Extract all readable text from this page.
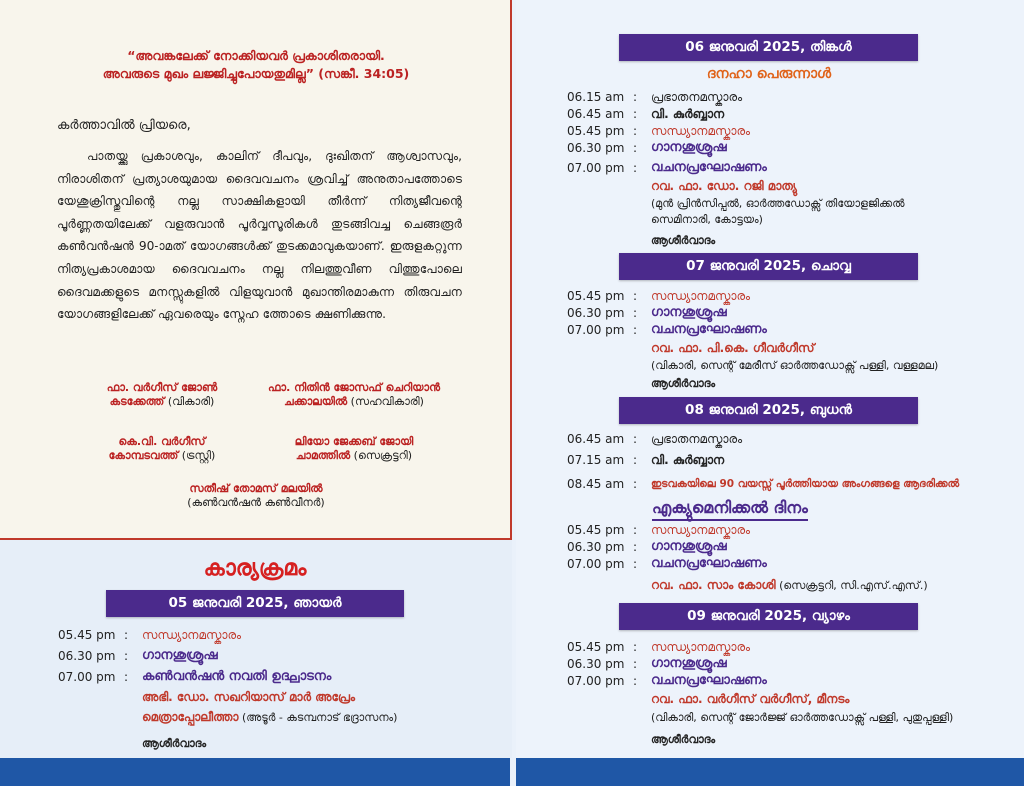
“അവങ്കലേക്ക് നോക്കിയവർ പ്രകാശിതരായി.
അവരുടെ മുഖം ലജ്ജിച്ചുപോയതുമില്ല” (സങ്കീ. 34:05)
കർത്താവിൽ പ്രിയരെ,
പാതയ്ക്കു പ്രകാശവും, കാലിന് ദീപവും, ദുഃഖിതന് ആശ്വാസവും, നിരാശിതന് പ്രത്യാശയുമായ ദൈവവചനം ശ്രവിച്ച് അനുതാപത്തോടെ യേശുക്രിസ്തുവിന്റെ നല്ല സാക്ഷികളായി തീർന്ന് നിത്യജീവന്റെ പൂർണ്ണതയിലേക്ക് വളരുവാൻ പൂർവ്വസൂരികൾ തുടങ്ങിവച്ച ചെങ്ങരൂർ കൺവൻഷൻ 90-ാമത് യോഗങ്ങൾക്ക് തുടക്കമാവുകയാണ്. ഇരുളകറ്റുന്ന നിത്യപ്രകാശമായ ദൈവവചനം നല്ല നിലത്തുവീണ വിത്തുപോലെ ദൈവമക്കളുടെ മനസ്സുകളിൽ വിളയുവാൻ മുഖാന്തിരമാകുന്ന തിരുവചന യോഗങ്ങളിലേക്ക് ഏവരെയും സ്നേഹ ത്തോടെ ക്ഷണിക്കുന്നു.
ഫാ. വർഗീസ് ജോൺ
കടക്കേത്ത് (വികാരി)
ഫാ. നിതിൻ ജോസഫ് ചെറിയാൻ
ചക്കാലയിൽ (സഹവികാരി)
കെ.വി. വർഗീസ്
കോമ്പടവത്ത് (ട്രസ്റ്റി)
ലിയോ ജേക്കബ് ജോയി
ചാമത്തിൽ (സെക്രട്ടറി)
സതീഷ് തോമസ് മലയിൽ
(കൺവൻഷൻ കൺവീനർ)
കാര്യക്രമം
05 ജനുവരി 2025, ഞായർ
05.45 pm :	സന്ധ്യാനമസ്കാരം
06.30 pm :	ഗാനശുശ്രൂഷ
07.00 pm :	കൺവൻഷൻ നവതി ഉദ്ഘാടനം
അഭി. ഡോ. സഖറിയാസ് മാർ അപ്രേം
മെത്രാപ്പോലീത്താ (അടൂർ - കടമ്പനാട് ഭദ്രാസനം)
ആശീർവാദം
06 ജനുവരി 2025, തിങ്കൾ
ദനഹാ പെരുന്നാൾ
06.15 am :	പ്രഭാതനമസ്കാരം
06.45 am :	വി. കുർബ്ബാന
05.45 pm :	സന്ധ്യാനമസ്കാരം
06.30 pm :	ഗാനശുശ്രൂഷ
07.00 pm :	വചനപ്രഘോഷണം
റവ. ഫാ. ഡോ. റജി മാത്യു
(മുൻ പ്രിൻസിപ്പൽ, ഓർത്തഡോക്സ് തിയോളജിക്കൽ
സെമിനാരി, കോട്ടയം)
ആശീർവാദം
07 ജനുവരി 2025, ചൊവ്വ
05.45 pm :	സന്ധ്യാനമസ്കാരം
06.30 pm :	ഗാനശുശ്രൂഷ
07.00 pm :	വചനപ്രഘോഷണം
റവ. ഫാ. പി.കെ. ഗീവർഗീസ്
(വികാരി, സെന്റ് മേരീസ് ഓർത്തഡോക്സ് പള്ളി, വള്ളമല)
ആശീർവാദം
08 ജനുവരി 2025, ബുധൻ
06.45 am :	പ്രഭാതനമസ്കാരം
07.15 am :	വി. കുർബ്ബാന
08.45 am :	ഇടവകയിലെ 90 വയസ്സ് പൂർത്തിയായ അംഗങ്ങളെ ആദരിക്കൽ
എക്യുമെനിക്കൽ ദിനം
05.45 pm :	സന്ധ്യാനമസ്കാരം
06.30 pm :	ഗാനശുശ്രൂഷ
07.00 pm :	വചനപ്രഘോഷണം
റവ. ഫാ. സാം കോശി (സെക്രട്ടറി, സി.എസ്.എസ്.)
09 ജനുവരി 2025, വ്യാഴം
05.45 pm :	സന്ധ്യാനമസ്കാരം
06.30 pm :	ഗാനശുശ്രൂഷ
07.00 pm :	വചനപ്രഘോഷണം
റവ. ഫാ. വർഗീസ് വർഗീസ്, മീനടം
(വികാരി, സെന്റ് ജോർജ്ജ് ഓർത്തഡോക്സ് പള്ളി, പുതുപ്പള്ളി)
ആശീർവാദം
